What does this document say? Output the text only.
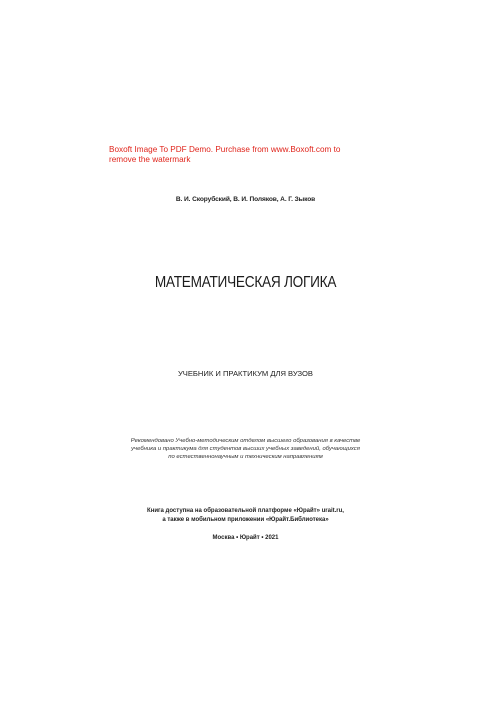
Boxoft Image To PDF Demo. Purchase from www.Boxoft.com to
remove the watermark
В. И. Скорубский, В. И. Поляков, А. Г. Зыков
МАТЕМАТИЧЕСКАЯ ЛОГИКА
УЧЕБНИК И ПРАКТИКУМ ДЛЯ ВУЗОВ
Рекомендовано Учебно-методическим отделом высшего образования в качестве
учебника и практикума для студентов высших учебных заведений, обучающихся
по естественнонаучным и техническим направлениям
Книга доступна на образовательной платформе «Юрайт» urait.ru,
а также в мобильном приложении «Юрайт.Библиотека»
Москва • Юрайт • 2021
